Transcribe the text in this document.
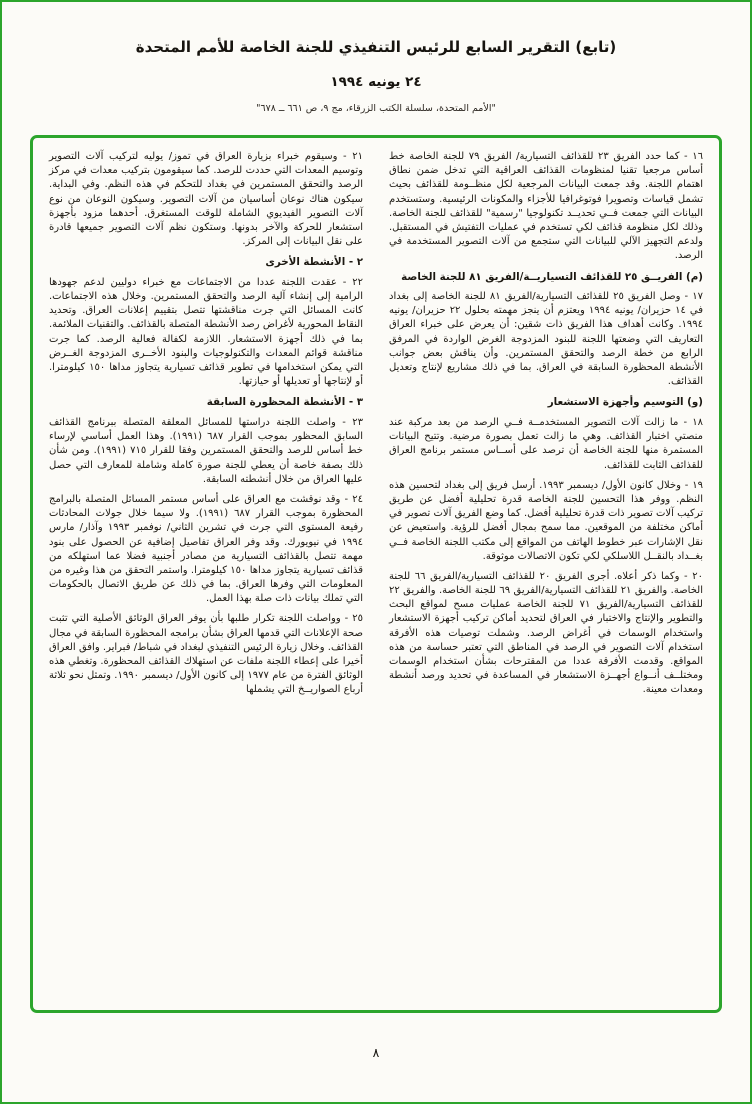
(تابع) التقرير السابع للرئيس التنفيذي للجنة الخاصة للأمم المتحدة
٢٤ يونيه ١٩٩٤
"الأمم المتحدة، سلسلة الكتب الزرقاء، مج ٩، ص ٦٦١ ــ ٦٧٨"

١٦ - كما حدد الفريق ٢٣ للقذائف التسيارية/ الفريق ٧٩ للجنة الخاصة خط أساس مرجعيا تقنيا لمنظومات القذائف العراقية التي تدخل ضمن نطاق اهتمام اللجنة. وقد جمعت البيانات المرجعية لكل منظــومة للقذائف بحيث تشمل قياسات وتصويرا فوتوغرافيا للأجزاء والمكونات الرئيسية. وستستخدم البيانات التي جمعت فــي تحديــد تكنولوجيا "رسمية" للقذائف للجنة الخاصة. وذلك لكل منظومة قذائف لكي تستخدم في عمليات التفتيش في المستقبل. ولدعم التجهيز الآلي للبيانات التي ستجمع من آلات التصوير المستخدمة في الرصد.

(م) الفريــق ٢٥ للقذائف التسياريــة/الفريق ٨١ للجنة الخاصة

١٧ - وصل الفريق ٢٥ للقذائف التسيارية/الفريق ٨١ للجنة الخاصة إلى بغداد في ١٤ حزيران/ يونيه ١٩٩٤ ويعتزم أن ينجز مهمته بحلول ٢٢ حزيران/ يونيه ١٩٩٤. وكانت أهداف هذا الفريق ذات شقين: أن يعرض على خبراء العراق التعاريف التي وضعتها اللجنة للبنود المزدوجة الغرض الواردة في المرفق الرابع من خطة الرصد والتحقق المستمرين. وأن يناقش بعض جوانب الأنشطة المحظورة السابقة في العراق. بما في ذلك مشاريع لإنتاج وتعديل القذائف.

(و) التوسيم وأجهزة الاستشعار

١٨ - ما زالت آلات التصوير المستخدمــة فــي الرصد من بعد مركبة عند منصتي اختبار القذائف. وهي ما زالت تعمل بصورة مرضية. وتتيح البيانات المستمرة منها للجنة الخاصة أن ترصد على أســاس مستمر برنامج العراق للقذائف الثابت للقذائف.

١٩ - وخلال كانون الأول/ ديسمبر ١٩٩٣. أرسل فريق إلى بغداد لتحسين هذه النظم. ووفر هذا التحسين للجنة الخاصة قدرة تحليلية أفضل عن طريق تركيب آلات تصوير ذات قدرة تحليلية أفضل. كما وضع الفريق آلات تصوير في أماكن مختلفة من الموقعين. مما سمح بمجال أفضل للرؤية. واستعيض عن نقل الإشارات عبر خطوط الهاتف من المواقع إلى مكتب اللجنة الخاصة فــي بغــداد بالنقــل اللاسلكي لكي تكون الاتصالات موثوقة.

٢٠ - وكما ذكر أعلاه. أجرى الفريق ٢٠ للقذائف التسيارية/الفريق ٦٦ للجنة الخاصة. والفريق ٢١ للقذائف التسيارية/الفريق ٦٩ للجنة الخاصة. والفريق ٢٢ للقذائف التسيارية/الفريق ٧١ للجنة الخاصة عمليات مسح لمواقع البحث والتطوير والإنتاج والاختبار في العراق لتحديد أماكن تركيب أجهزة الاستشعار واستخدام الوسمات في أغراض الرصد. وشملت توصيات هذه الأفرقة استخدام آلات التصوير في الرصد في المناطق التي تعتبر حساسة من هذه المواقع. وقدمت الأفرقة عددا من المقترحات بشأن استخدام الوسمات ومختلــف أنــواع أجهــزة الاستشعار في المساعدة في تحديد ورصد أنشطة ومعدات معينة.

٢١ - وسيقوم خبراء بزيارة العراق في تموز/ يوليه لتركيب آلات التصوير وتوسيم المعدات التي حددت للرصد. كما سيقومون بتركيب معدات في مركز الرصد والتحقق المستمرين في بغداد للتحكم في هذه النظم. وفي البداية. سيكون هناك نوعان أساسيان من آلات التصوير. وسيكون النوعان من نوع آلات التصوير الفيديوي الشاملة للوقت المستغرق. أحدهما مزود بأجهزة استشعار للحركة والآخر بدونها. وستكون نظم آلات التصوير جميعها قادرة على نقل البيانات إلى المركز.

٢ - الأنشطة الأخرى

٢٢ - عقدت اللجنة عددا من الاجتماعات مع خبراء دوليين لدعم جهودها الرامية إلى إنشاء آلية الرصد والتحقق المستمرين. وخلال هذه الاجتماعات. كانت المسائل التي جرت مناقشتها تتصل بتقييم إعلانات العراق. وتحديد النقاط المحورية لأغراض رصد الأنشطة المتصلة بالقذائف. والتقنيات الملائمة. بما في ذلك أجهزة الاستشعار. اللازمة لكفالة فعالية الرصد. كما جرت مناقشة قوائم المعدات والتكنولوجيات والبنود الأخــرى المزدوجة الغــرض التي يمكن استخدامها في تطوير قذائف تسيارية يتجاوز مداها ١٥٠ كيلومترا. أو لإنتاجها أو تعديلها أو حيازتها.

٣ - الأنشطة المحظورة السابقة

٢٣ - واصلت اللجنة دراستها للمسائل المعلقة المتصلة ببرنامج القذائف السابق المحظور بموجب القرار ٦٨٧ (١٩٩١). وهذا العمل أساسي لإرساء خط أساس للرصد والتحقق المستمرين وفقا للقرار ٧١٥ (١٩٩١). ومن شأن ذلك بصفة خاصة أن يعطي للجنة صورة كاملة وشاملة للمعارف التي حصل عليها العراق من خلال أنشطته السابقة.

٢٤ - وقد نوقشت مع العراق على أساس مستمر المسائل المتصلة بالبرامج المحظورة بموجب القرار ٦٨٧ (١٩٩١). ولا سيما خلال جولات المحادثات رفيعة المستوى التي جرت في تشرين الثاني/ نوفمبر ١٩٩٣ وآذار/ مارس ١٩٩٤ في نيويورك. وقد وفر العراق تفاصيل إضافية عن الحصول على بنود مهمة تتصل بالقذائف التسيارية من مصادر أجنبية فضلا عما استهلكه من قذائف تسيارية يتجاوز مداها ١٥٠ كيلومترا. واستمر التحقق من هذا وغيره من المعلومات التي وفرها العراق. بما في ذلك عن طريق الاتصال بالحكومات التي تملك بيانات ذات صلة بهذا العمل.

٢٥ - وواصلت اللجنة تكرار طلبها بأن يوفر العراق الوثائق الأصلية التي تثبت صحة الإعلانات التي قدمها العراق بشأن برامجه المحظورة السابقة في مجال القذائف. وخلال زيارة الرئيس التنفيذي لبغداد في شباط/ فبراير. وافق العراق أخيرا على إعطاء اللجنة ملفات عن استهلاك القذائف المحظورة. وتغطي هذه الوثائق الفترة من عام ١٩٧٧ إلى كانون الأول/ ديسمبر ١٩٩٠. وتمثل نحو ثلاثة أرباع الصواريــخ التي يشملها

٨
